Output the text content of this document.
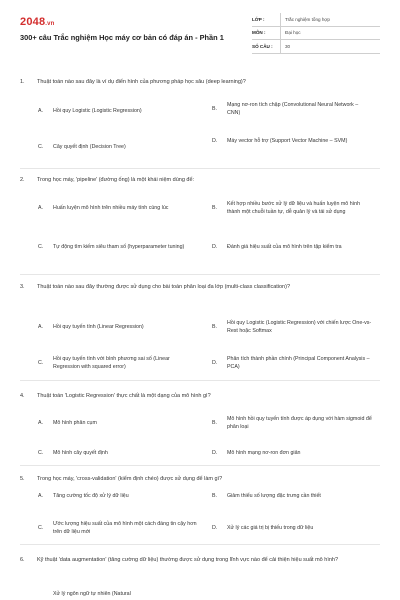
2048.vn
300+ câu Trắc nghiệm Học máy cơ bản có đáp án - Phần 1
LỚP :	Trắc nghiệm tổng hợp
MÔN :	Đại học
SỐ CÂU :	30
1. Thuật toán nào sau đây là ví dụ điển hình của phương pháp học sâu (deep learning)?
A.	Hồi quy Logistic (Logistic Regression)	B.
Mạng nơ-ron tích chập (Convolutional Neural Network – CNN)
C.	Cây quyết định (Decision Tree)
D.	Máy vector hỗ trợ (Support Vector Machine – SVM)
2. Trong học máy, 'pipeline' (đường ống) là một khái niệm dùng để:
A.	Huấn luyện mô hình trên nhiều máy tính cùng lúc	B.
Kết hợp nhiều bước xử lý dữ liệu và huấn luyện mô hình thành một chuỗi tuần tự, dễ quản lý và tái sử dụng
C.	Tự động tìm kiếm siêu tham số (hyperparameter tuning)	D.	Đánh giá hiệu suất của mô hình trên tập kiểm tra
3. Thuật toán nào sau đây thường được sử dụng cho bài toán phân loại đa lớp (multi-class classification)?
A.	Hồi quy tuyến tính (Linear Regression)	B.
Hồi quy Logistic (Logistic Regression) với chiến lược One-vs-Rest hoặc Softmax
C.
Hồi quy tuyến tính với bình phương sai số (Linear Regression with squared error)
D.
Phân tích thành phần chính (Principal Component Analysis – PCA)
4. Thuật toán 'Logistic Regression' thực chất là một dạng của mô hình gì?
A.	Mô hình phân cụm	B.
Mô hình hồi quy tuyến tính được áp dụng với hàm sigmoid để phân loại
C.	Mô hình cây quyết định	D.	Mô hình mạng nơ-ron đơn giản
5. Trong học máy, 'cross-validation' (kiểm định chéo) được sử dụng để làm gì?
A.	Tăng cường tốc độ xử lý dữ liệu	B.	Giảm thiểu số lượng đặc trưng cần thiết
C.
Ước lượng hiệu suất của mô hình một cách đáng tin cậy hơn trên dữ liệu mới
D.	Xử lý các giá trị bị thiếu trong dữ liệu
6. Kỹ thuật 'data augmentation' (tăng cường dữ liệu) thường được sử dụng trong lĩnh vực nào để cải thiện hiệu suất mô hình?
Xử lý ngôn ngữ tự nhiên (Natural
